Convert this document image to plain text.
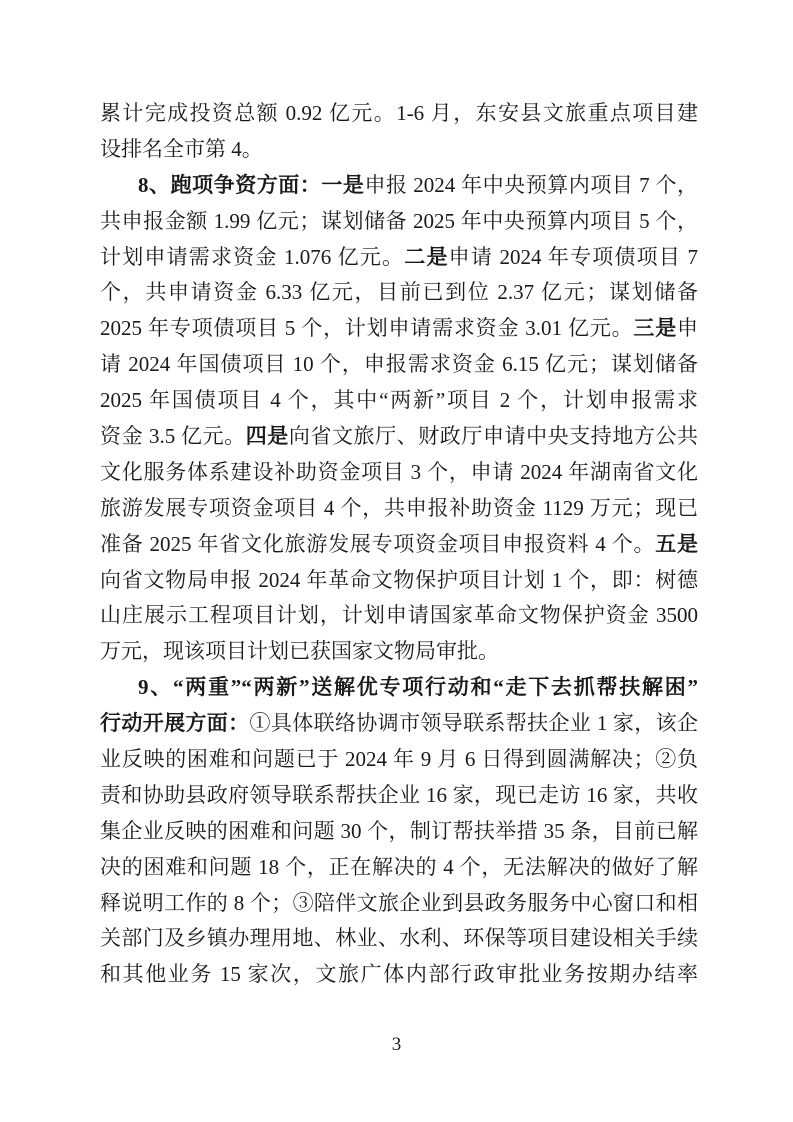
累计完成投资总额 0.92 亿元。1-6 月，东安县文旅重点项目建
设排名全市第 4。
8、跑项争资方面：一是申报 2024 年中央预算内项目 7 个，
共申报金额 1.99 亿元；谋划储备 2025 年中央预算内项目 5 个，
计划申请需求资金 1.076 亿元。二是申请 2024 年专项债项目 7
个，共申请资金 6.33 亿元，目前已到位 2.37 亿元；谋划储备
2025 年专项债项目 5 个，计划申请需求资金 3.01 亿元。三是申
请 2024 年国债项目 10 个，申报需求资金 6.15 亿元；谋划储备
2025 年国债项目 4 个，其中“两新”项目 2 个，计划申报需求
资金 3.5 亿元。四是向省文旅厅、财政厅申请中央支持地方公共
文化服务体系建设补助资金项目 3 个，申请 2024 年湖南省文化
旅游发展专项资金项目 4 个，共申报补助资金 1129 万元；现已
准备 2025 年省文化旅游发展专项资金项目申报资料 4 个。五是
向省文物局申报 2024 年革命文物保护项目计划 1 个，即：树德
山庄展示工程项目计划，计划申请国家革命文物保护资金 3500
万元，现该项目计划已获国家文物局审批。
9、“两重”“两新”送解优专项行动和“走下去抓帮扶解困”
行动开展方面：①具体联络协调市领导联系帮扶企业 1 家，该企
业反映的困难和问题已于 2024 年 9 月 6 日得到圆满解决；②负
责和协助县政府领导联系帮扶企业 16 家，现已走访 16 家，共收
集企业反映的困难和问题 30 个，制订帮扶举措 35 条，目前已解
决的困难和问题 18 个，正在解决的 4 个，无法解决的做好了解
释说明工作的 8 个；③陪伴文旅企业到县政务服务中心窗口和相
关部门及乡镇办理用地、林业、水利、环保等项目建设相关手续
和其他业务 15 家次，文旅广体内部行政审批业务按期办结率
3
